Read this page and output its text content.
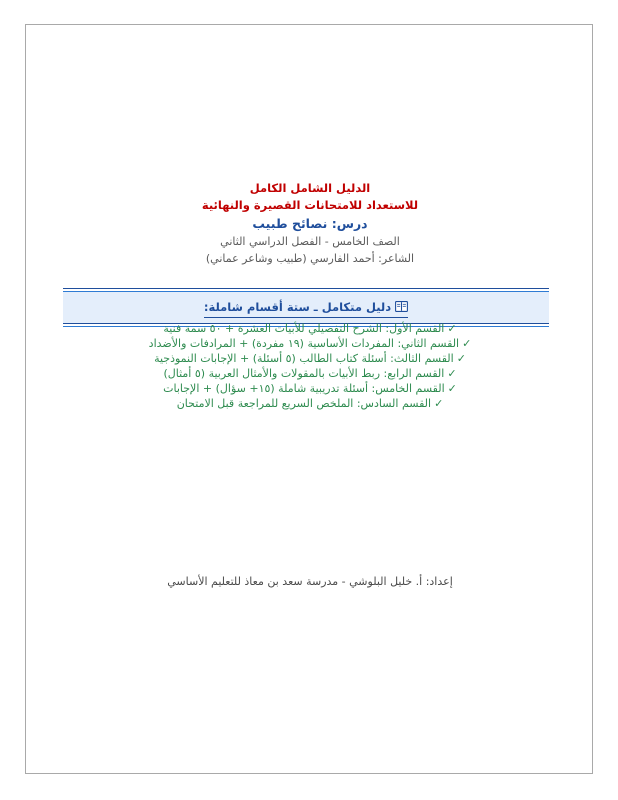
الدليل الشامل الكامل
للاستعداد للامتحانات القصيرة والنهائية
درس: نصائح طبيب
الصف الخامس - الفصل الدراسي الثاني
الشاعر: أحمد الفارسي (طبيب وشاعر عماني)
دليل متكامل ـ ستة أقسام شاملة:
✓القسم الأول: الشرح التفصيلي للأبيات العشرة + ٥٠ سمة فنية
✓القسم الثاني: المفردات الأساسية (١٩ مفردة) + المرادفات والأضداد
✓القسم الثالث: أسئلة كتاب الطالب (٥ أسئلة) + الإجابات النموذجية
✓القسم الرابع: ربط الأبيات بالمقولات والأمثال العربية (٥ أمثال)
✓القسم الخامس: أسئلة تدريبية شاملة (١٥+ سؤال) + الإجابات
✓القسم السادس: الملخص السريع للمراجعة قبل الامتحان
إعداد: أ. خليل البلوشي - مدرسة سعد بن معاذ للتعليم الأساسي
